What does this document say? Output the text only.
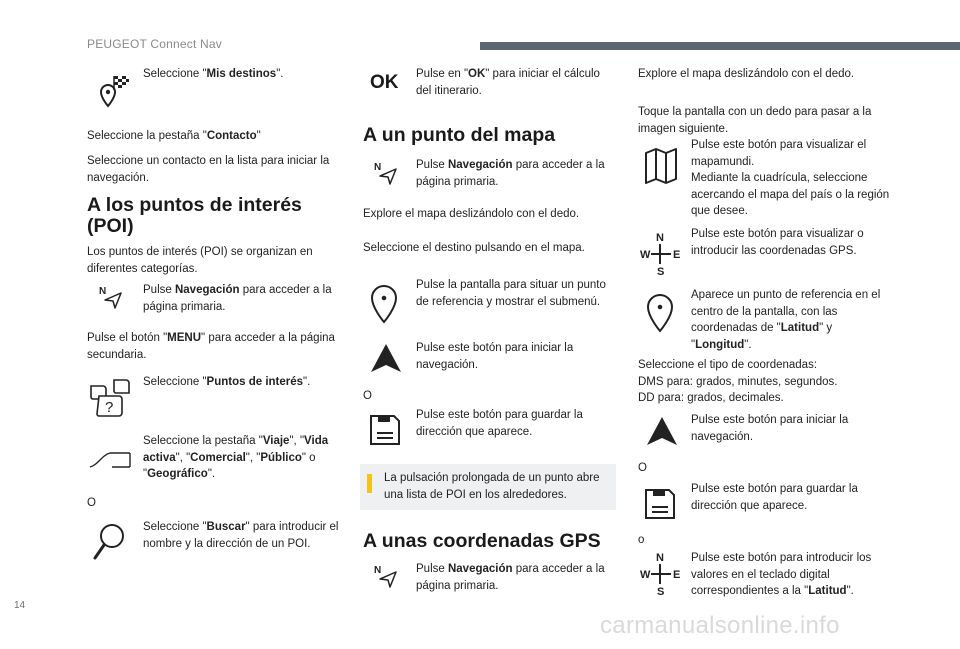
PEUGEOT Connect Nav
Seleccione "Mis destinos".
Seleccione la pestaña "Contacto"
Seleccione un contacto en la lista para iniciar la navegación.
A los puntos de interés (POI)
Los puntos de interés (POI) se organizan en diferentes categorías.
N	Pulse Navegación para acceder a la página primaria.
Pulse el botón "MENU" para acceder a la página secundaria.
?
Seleccione "Puntos de interés".
Seleccione la pestaña "Viaje", "Vida activa", "Comercial", "Público" o "Geográfico".
O
Seleccione "Buscar" para introducir el nombre y la dirección de un POI.
OK Pulse en "OK" para iniciar el cálculo del itinerario.
A un punto del mapa
N	Pulse Navegación para acceder a la página primaria.
Explore el mapa deslizándolo con el dedo.
Seleccione el destino pulsando en el mapa.
Pulse la pantalla para situar un punto de referencia y mostrar el submenú.
Pulse este botón para iniciar la navegación.
O
Pulse este botón para guardar la dirección que aparece.
La pulsación prolongada de un punto abre una lista de POI en los alrededores.
A unas coordenadas GPS
N	Pulse Navegación para acceder a la página primaria.
Explore el mapa deslizándolo con el dedo.
Toque la pantalla con un dedo para pasar a la imagen siguiente.
Pulse este botón para visualizar el mapamundi.
Mediante la cuadrícula, seleccione acercando el mapa del país o la región que desee.
N
W E
S
Pulse este botón para visualizar o introducir las coordenadas GPS.
Aparece un punto de referencia en el centro de la pantalla, con las coordenadas de "Latitud" y "Longitud".
Seleccione el tipo de coordenadas:
DMS para: grados, minutes, segundos.
DD para: grados, decimales.
Pulse este botón para iniciar la navegación.
O
Pulse este botón para guardar la dirección que aparece.
o
N
W E
S
Pulse este botón para introducir los valores en el teclado digital correspondientes a la "Latitud".
14
carmanualsonline.info
